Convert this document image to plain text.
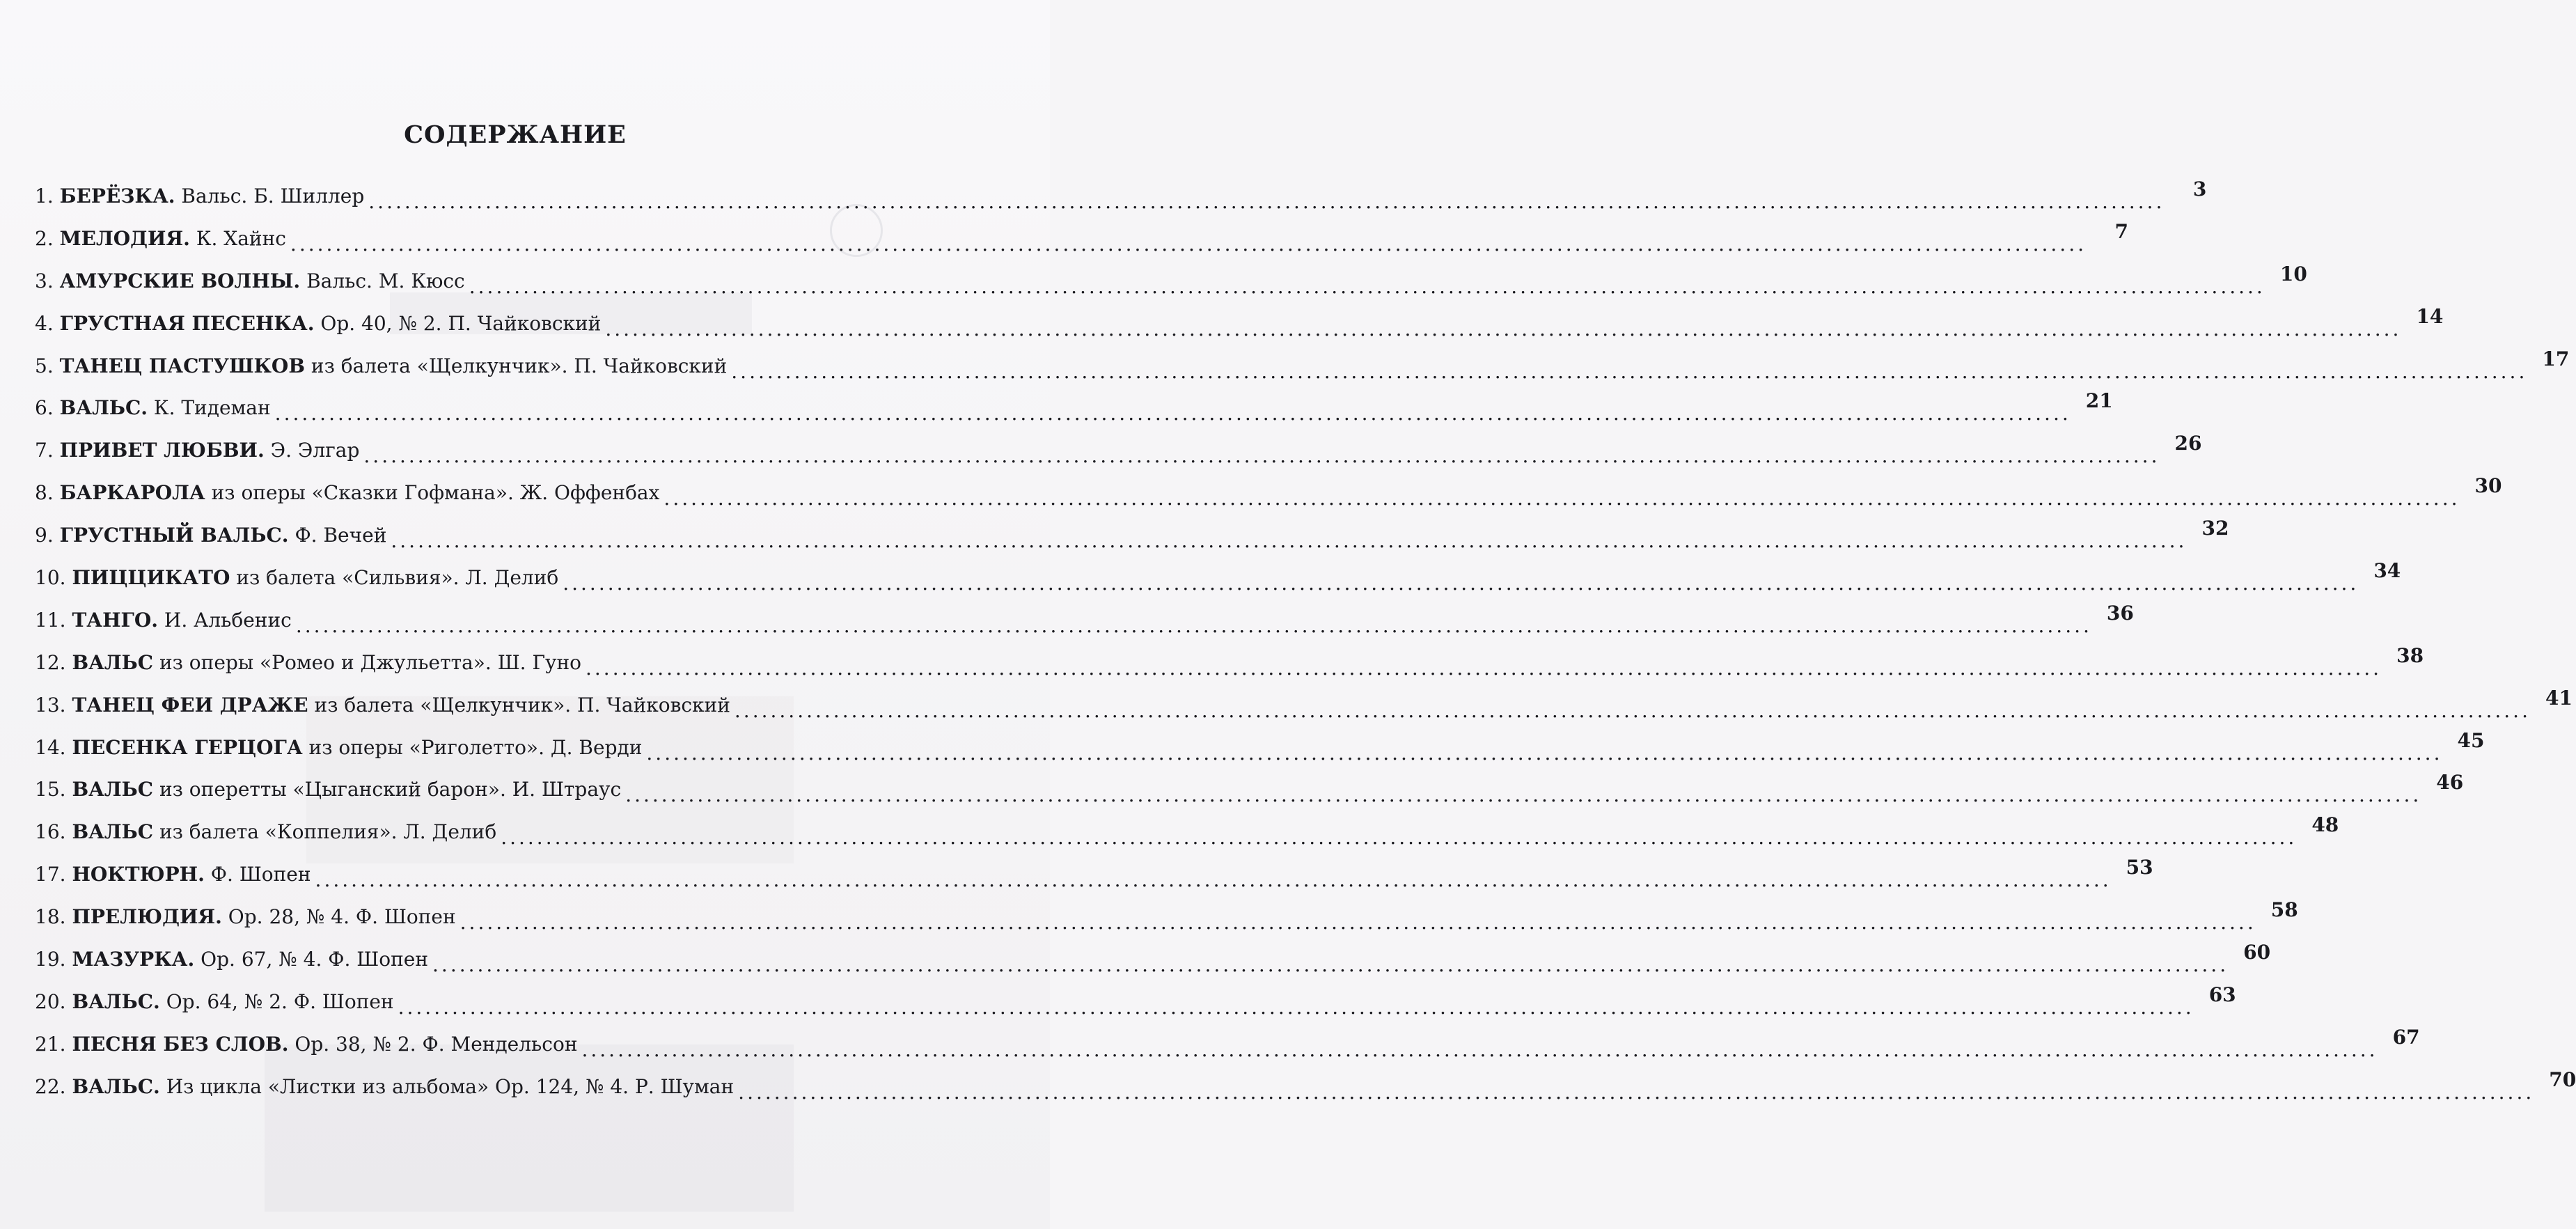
СОДЕРЖАНИЕ
1. БЕРЁЗКА. Вальс. Б. Шиллер ........................................................................................................................................................................................................
3
2. МЕЛОДИЯ. К. Хайнс ........................................................................................................................................................................................................
7
3. АМУРСКИЕ ВОЛНЫ. Вальс. М. Кюсс ........................................................................................................................................................................................................
10
4. ГРУСТНАЯ ПЕСЕНКА. Ор. 40, № 2. П. Чайковский ........................................................................................................................................................................................................
14
5. ТАНЕЦ ПАСТУШКОВ из балета «Щелкунчик». П. Чайковский ........................................................................................................................................................................................................
17
6. ВАЛЬС. К. Тидеман ........................................................................................................................................................................................................
21
7. ПРИВЕТ ЛЮБВИ. Э. Элгар ........................................................................................................................................................................................................
26
8. БАРКАРОЛА из оперы «Сказки Гофмана». Ж. Оффенбах ........................................................................................................................................................................................................
30
9. ГРУСТНЫЙ ВАЛЬС. Ф. Вечей ........................................................................................................................................................................................................
32
10. ПИЦЦИКАТО из балета «Сильвия». Л. Делиб ........................................................................................................................................................................................................
34
11. ТАНГО. И. Альбенис ........................................................................................................................................................................................................
36
12. ВАЛЬС из оперы «Ромео и Джульетта». Ш. Гуно ........................................................................................................................................................................................................
38
13. ТАНЕЦ ФЕИ ДРАЖЕ из балета «Щелкунчик». П. Чайковский ........................................................................................................................................................................................................
41
14. ПЕСЕНКА ГЕРЦОГА из оперы «Риголетто». Д. Верди ........................................................................................................................................................................................................
45
15. ВАЛЬС из оперетты «Цыганский барон». И. Штраус ........................................................................................................................................................................................................
46
16. ВАЛЬС из балета «Коппелия». Л. Делиб ........................................................................................................................................................................................................
48
17. НОКТЮРН. Ф. Шопен ........................................................................................................................................................................................................
53
18. ПРЕЛЮДИЯ. Ор. 28, № 4. Ф. Шопен ........................................................................................................................................................................................................
58
19. МАЗУРКА. Ор. 67, № 4. Ф. Шопен ........................................................................................................................................................................................................
60
20. ВАЛЬС. Ор. 64, № 2. Ф. Шопен ........................................................................................................................................................................................................
63
21. ПЕСНЯ БЕЗ СЛОВ. Ор. 38, № 2. Ф. Мендельсон ........................................................................................................................................................................................................
67
22. ВАЛЬС. Из цикла «Листки из альбома» Ор. 124, № 4. Р. Шуман ........................................................................................................................................................................................................
70
